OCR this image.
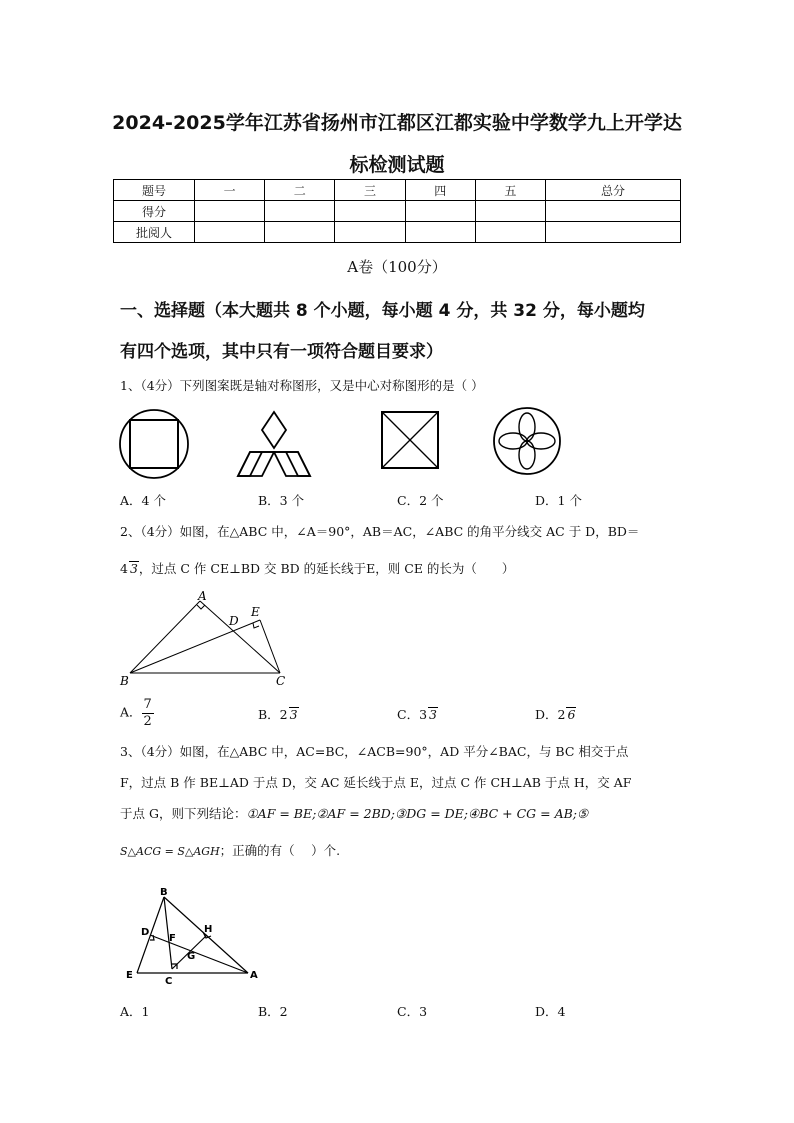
2024-2025学年江苏省扬州市江都区江都实验中学数学九上开学达
标检测试题
题号	一	二	三	四	五	总分
得分						
批阅人						
A卷（100分）
一、选择题（本大题共 8 个小题，每小题 4 分，共 32 分，每小题均
有四个选项，其中只有一项符合题目要求）
1、（4分）下列图案既是轴对称图形，又是中心对称图形的是（ ）
A．4 个	B．3 个	C．2 个	D．1 个
2、（4分）如图，在△ABC 中，∠A＝90°，AB＝AC，∠ABC 的角平分线交 AC 于 D，BD＝
4 3，过点 C 作 CE⊥BD 交 BD 的延长线于E，则 CE 的长为（　　）
A
B	C
D
E
A． $\frac{7}{2}$	B．2 3	C．3 3	D．2 6
3、（4分）如图，在△ABC 中，AC=BC，∠ACB=90°，AD 平分∠BAC，与 BC 相交于点
F，过点 B 作 BE⊥AD 于点 D，交 AC 延长线于点 E，过点 C 作 CH⊥AB 于点 H，交 AF
于点 G，则下列结论：①AF = BE;②AF = 2BD;③DG = DE;④BC + CG = AB;⑤
S△ACG = S△AGH；正确的有（　 ）个.
B
D
F
H
G
E
C
A
A．1	B．2	C．3	D．4
